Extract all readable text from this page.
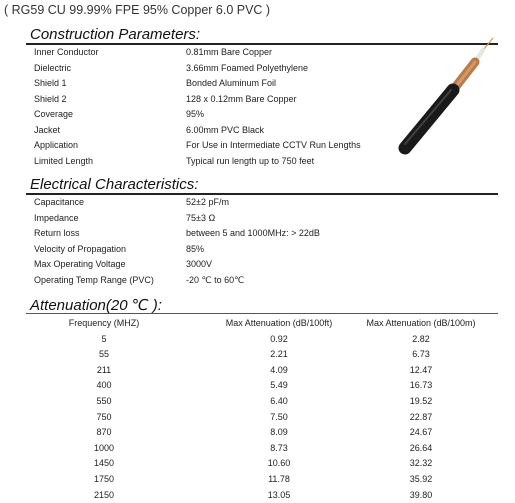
( RG59 CU 99.99% FPE 95% Copper 6.0 PVC )
Construction Parameters:
Inner Conductor	0.81mm Bare Copper
Dielectric	3.66mm Foamed Polyethylene
Shield 1	Bonded Aluminum Foil
Shield 2	128 x 0.12mm Bare Copper
Coverage	95%
Jacket	6.00mm PVC Black
Application	For Use in Intermediate CCTV Run Lengths
Limited Length	Typical run length up to 750 feet
Electrical Characteristics:
Capacitance	52±2 pF/m
Impedance	75±3 Ω
Return loss	between 5 and 1000MHz: > 22dB
Velocity of Propagation	85%
Max Operating Voltage	3000V
Operating Temp Range (PVC)	-20 ℃ to 60℃
Attenuation(20 ℃ ):
Frequency (MHZ)	Max Attenuation (dB/100ft)	Max Attenuation (dB/100m)
5	0.92	2.82
55	2.21	6.73
211	4.09	12.47
400	5.49	16.73
550	6.40	19.52
750	7.50	22.87
870	8.09	24.67
1000	8.73	26.64
1450	10.60	32.32
1750	11.78	35.92
2150	13.05	39.80
